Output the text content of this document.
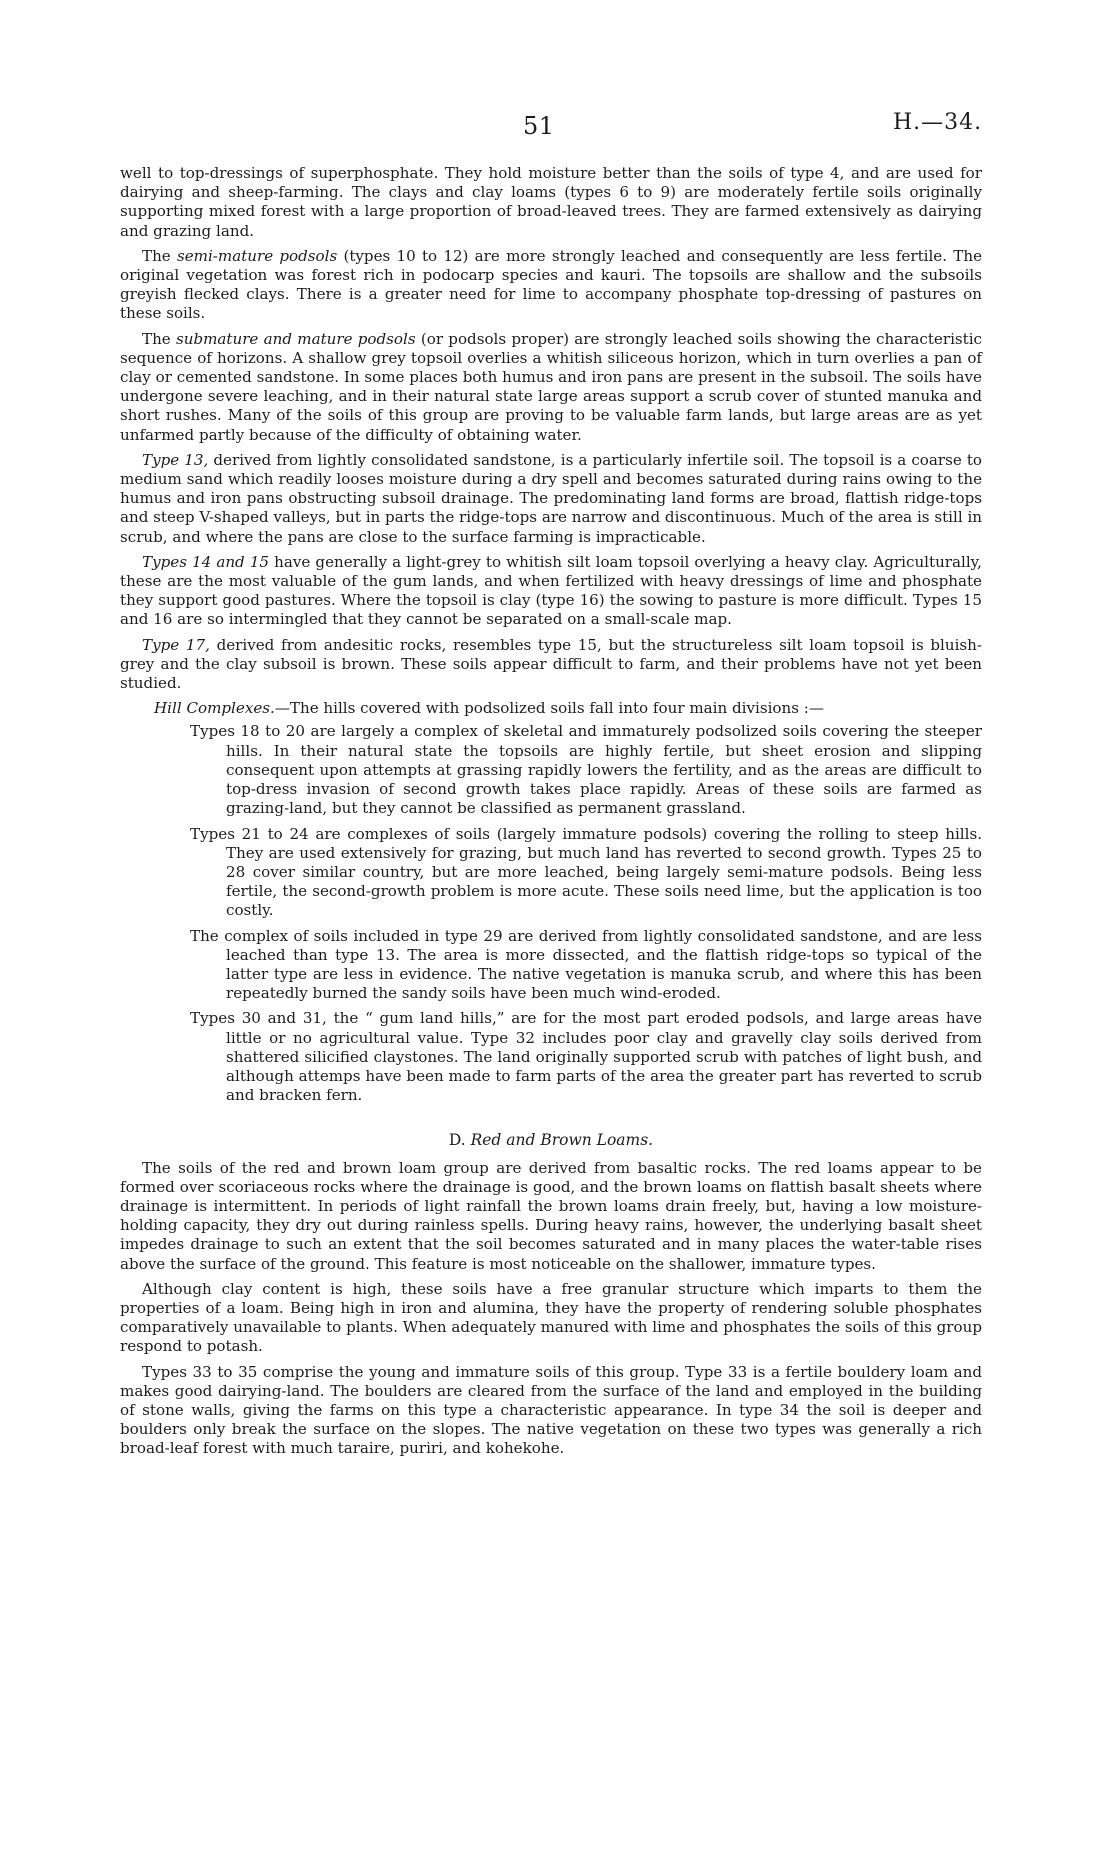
51	H.—34.

well to top-dressings of superphosphate. They hold moisture better than the soils of type 4, and are used for dairying and sheep-farming. The clays and clay loams (types 6 to 9) are moderately fertile soils originally supporting mixed forest with a large proportion of broad-leaved trees. They are farmed extensively as dairying and grazing land.

The semi-mature podsols (types 10 to 12) are more strongly leached and consequently are less fertile. The original vegetation was forest rich in podocarp species and kauri. The topsoils are shallow and the subsoils greyish flecked clays. There is a greater need for lime to accompany phosphate top-dressing of pastures on these soils.

The submature and mature podsols (or podsols proper) are strongly leached soils showing the characteristic sequence of horizons. A shallow grey topsoil overlies a whitish siliceous horizon, which in turn overlies a pan of clay or cemented sandstone. In some places both humus and iron pans are present in the subsoil. The soils have undergone severe leaching, and in their natural state large areas support a scrub cover of stunted manuka and short rushes. Many of the soils of this group are proving to be valuable farm lands, but large areas are as yet unfarmed partly because of the difficulty of obtaining water.

Type 13, derived from lightly consolidated sandstone, is a particularly infertile soil. The topsoil is a coarse to medium sand which readily looses moisture during a dry spell and becomes saturated during rains owing to the humus and iron pans obstructing subsoil drainage. The predominating land forms are broad, flattish ridge-tops and steep V-shaped valleys, but in parts the ridge-tops are narrow and discontinuous. Much of the area is still in scrub, and where the pans are close to the surface farming is impracticable.

Types 14 and 15 have generally a light-grey to whitish silt loam topsoil overlying a heavy clay. Agriculturally, these are the most valuable of the gum lands, and when fertilized with heavy dressings of lime and phosphate they support good pastures. Where the topsoil is clay (type 16) the sowing to pasture is more difficult. Types 15 and 16 are so intermingled that they cannot be separated on a small-scale map.

Type 17, derived from andesitic rocks, resembles type 15, but the structureless silt loam topsoil is bluish-grey and the clay subsoil is brown. These soils appear difficult to farm, and their problems have not yet been studied.

Hill Complexes.—The hills covered with podsolized soils fall into four main divisions :—

Types 18 to 20 are largely a complex of skeletal and immaturely podsolized soils covering the steeper hills. In their natural state the topsoils are highly fertile, but sheet erosion and slipping consequent upon attempts at grassing rapidly lowers the fertility, and as the areas are difficult to top-dress invasion of second growth takes place rapidly. Areas of these soils are farmed as grazing-land, but they cannot be classified as permanent grassland.

Types 21 to 24 are complexes of soils (largely immature podsols) covering the rolling to steep hills. They are used extensively for grazing, but much land has reverted to second growth. Types 25 to 28 cover similar country, but are more leached, being largely semi-mature podsols. Being less fertile, the second-growth problem is more acute. These soils need lime, but the application is too costly.

The complex of soils included in type 29 are derived from lightly consolidated sandstone, and are less leached than type 13. The area is more dissected, and the flattish ridge-tops so typical of the latter type are less in evidence. The native vegetation is manuka scrub, and where this has been repeatedly burned the sandy soils have been much wind-eroded.

Types 30 and 31, the “ gum land hills,” are for the most part eroded podsols, and large areas have little or no agricultural value. Type 32 includes poor clay and gravelly clay soils derived from shattered silicified claystones. The land originally supported scrub with patches of light bush, and although attemps have been made to farm parts of the area the greater part has reverted to scrub and bracken fern.

D. Red and Brown Loams.

The soils of the red and brown loam group are derived from basaltic rocks. The red loams appear to be formed over scoriaceous rocks where the drainage is good, and the brown loams on flattish basalt sheets where drainage is intermittent. In periods of light rainfall the brown loams drain freely, but, having a low moisture-holding capacity, they dry out during rainless spells. During heavy rains, however, the underlying basalt sheet impedes drainage to such an extent that the soil becomes saturated and in many places the water-table rises above the surface of the ground. This feature is most noticeable on the shallower, immature types.

Although clay content is high, these soils have a free granular structure which imparts to them the properties of a loam. Being high in iron and alumina, they have the property of rendering soluble phosphates comparatively unavailable to plants. When adequately manured with lime and phosphates the soils of this group respond to potash.

Types 33 to 35 comprise the young and immature soils of this group. Type 33 is a fertile bouldery loam and makes good dairying-land. The boulders are cleared from the surface of the land and employed in the building of stone walls, giving the farms on this type a characteristic appearance. In type 34 the soil is deeper and boulders only break the surface on the slopes. The native vegetation on these two types was generally a rich broad-leaf forest with much taraire, puriri, and kohekohe.
